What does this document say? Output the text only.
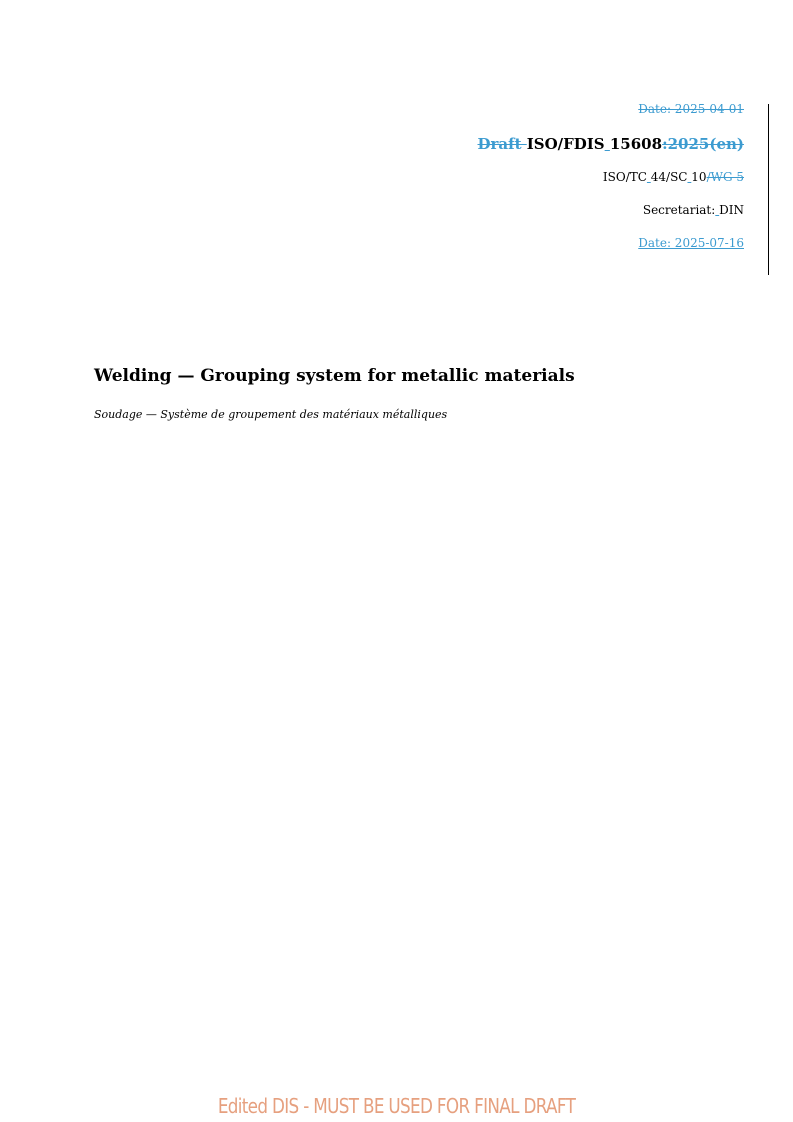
Date: 2025-04-01
Draft ISO/FDIS 15608:2025(en)
ISO/TC 44/SC 10/WG 5
Secretariat: DIN
Date: 2025-07-16
Welding — Grouping system for metallic materials
Soudage — Système de groupement des matériaux métalliques
Edited DIS - MUST BE USED FOR FINAL DRAFT
